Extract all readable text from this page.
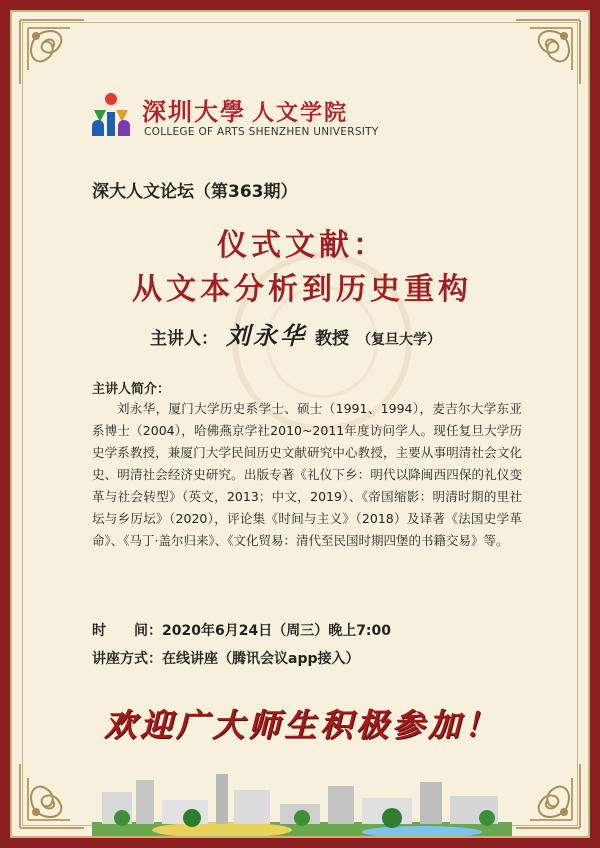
深圳大學 人文学院
COLLEGE OF ARTS SHENZHEN UNIVERSITY
深大人文论坛（第363期）
仪式文献：
从文本分析到历史重构
主讲人： 刘永华 教授 （复旦大学）
主讲人简介：

刘永华，厦门大学历史系学士、硕士（1991、1994），麦吉尔大学东亚系博士（2004），哈佛燕京学社2010~2011年度访问学人。现任复旦大学历史学系教授，兼厦门大学民间历史文献研究中心教授，主要从事明清社会文化史、明清社会经济史研究。出版专著《礼仪下乡：明代以降闽西四保的礼仪变革与社会转型》（英文，2013；中文，2019）、《帝国缩影：明清时期的里社坛与乡厉坛》（2020），评论集《时间与主义》（2018）及译著《法国史学革命》、《马丁·盖尔归来》、《文化贸易：清代至民国时期四堡的书籍交易》等。

时　　间：2020年6月24日（周三）晚上7:00
讲座方式：在线讲座（腾讯会议app接入）
欢迎广大师生积极参加！
